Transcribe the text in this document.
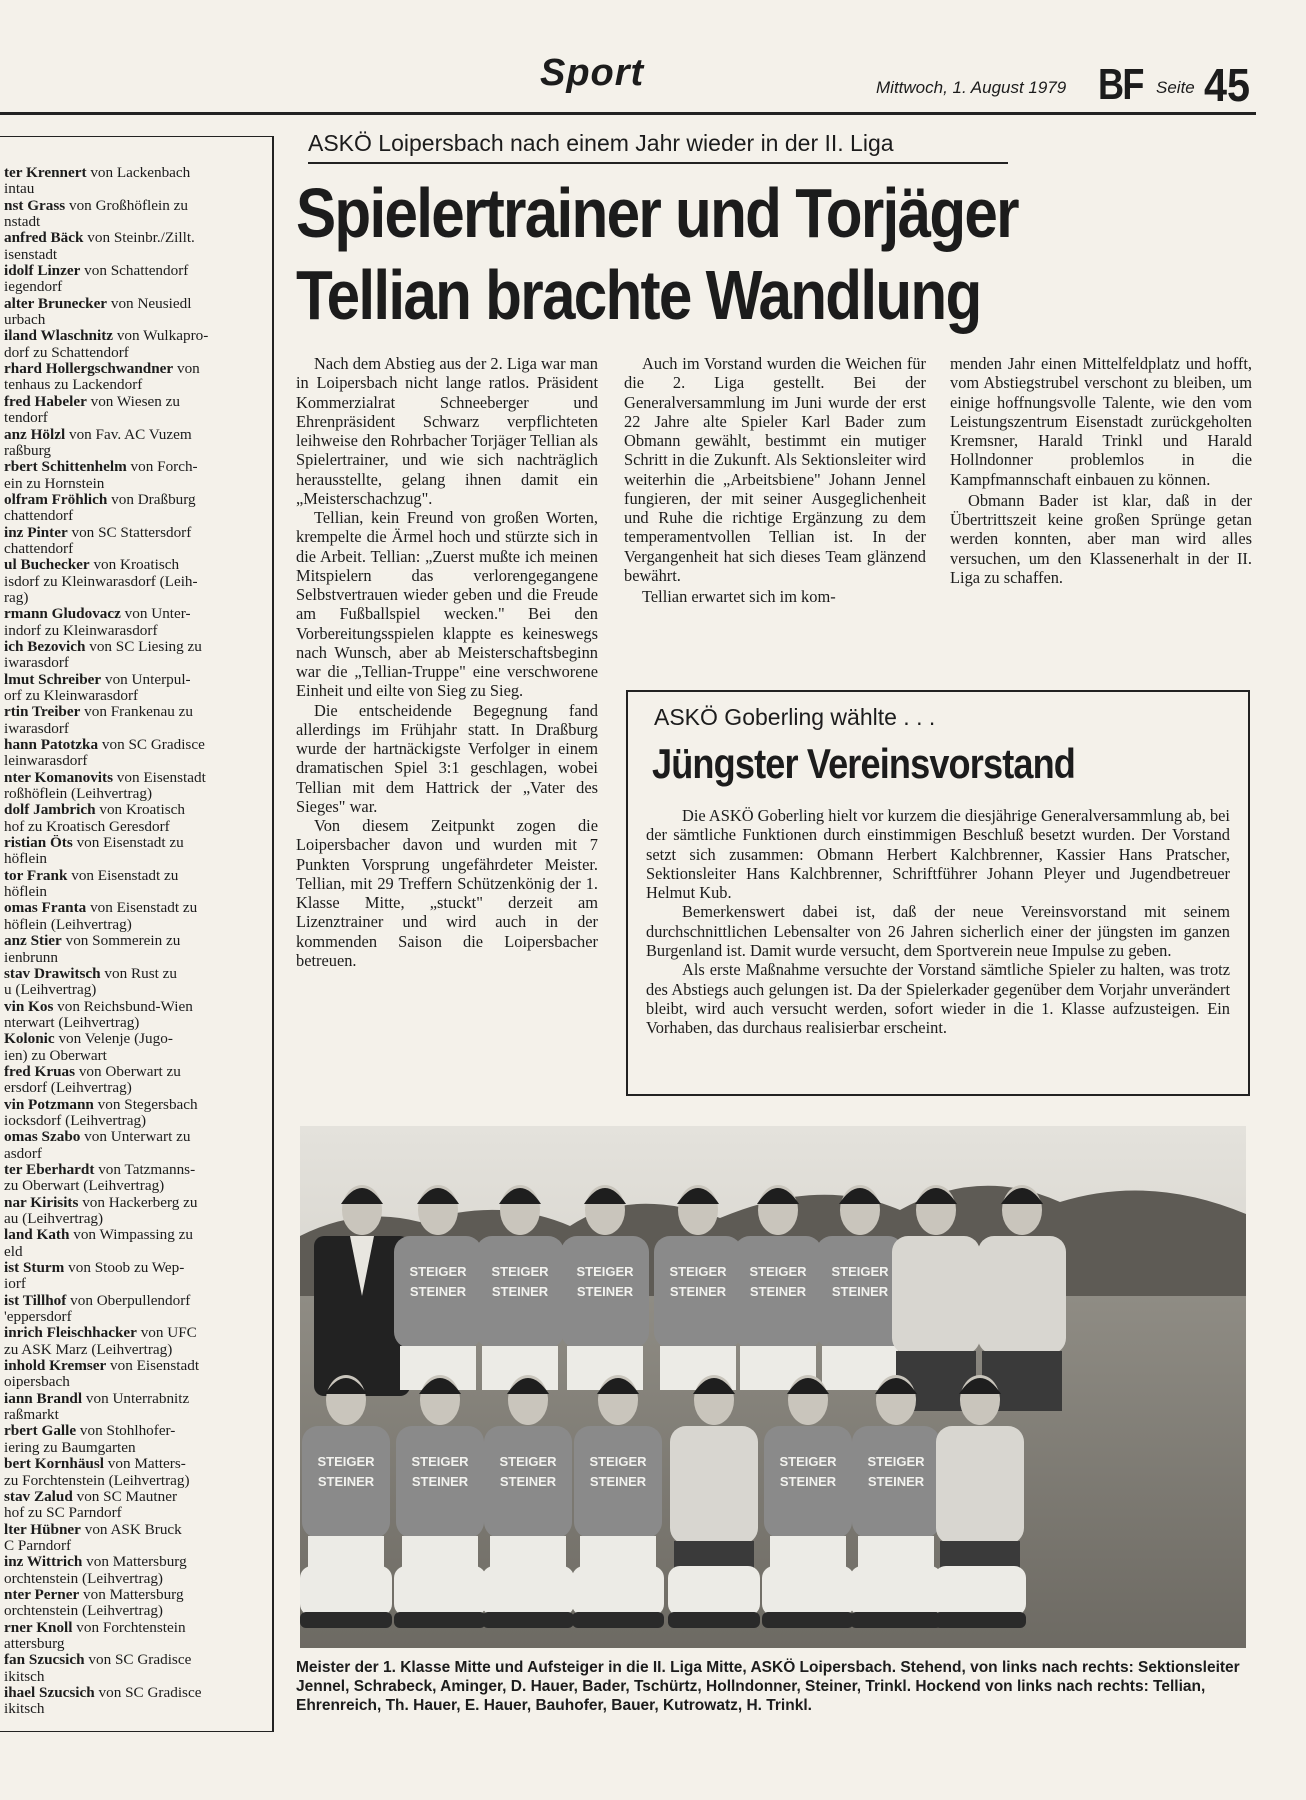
Sport	Mittwoch, 1. August 1979 BF Seite 45
ter Krennert von Lackenbach
intau
nst Grass von Großhöflein zu
nstadt
anfred Bäck von Steinbr./Zillt.
isenstadt
idolf Linzer von Schattendorf
iegendorf
alter Brunecker von Neusiedl
urbach
iland Wlaschnitz von Wulkapro-
dorf zu Schattendorf
rhard Hollergschwandner von
tenhaus zu Lackendorf
fred Habeler von Wiesen zu
tendorf
anz Hölzl von Fav. AC Vuzem
raßburg
rbert Schittenhelm von Forch-
ein zu Hornstein
olfram Fröhlich von Draßburg
chattendorf
inz Pinter von SC Stattersdorf
chattendorf
ul Buchecker von Kroatisch
isdorf zu Kleinwarasdorf (Leih-
rag)
rmann Gludovacz von Unter-
indorf zu Kleinwarasdorf
ich Bezovich von SC Liesing zu
iwarasdorf
lmut Schreiber von Unterpul-
orf zu Kleinwarasdorf
rtin Treiber von Frankenau zu
iwarasdorf
hann Patotzka von SC Gradisce
leinwarasdorf
nter Komanovits von Eisenstadt
roßhöflein (Leihvertrag)
dolf Jambrich von Kroatisch
hof zu Kroatisch Geresdorf
ristian Öts von Eisenstadt zu
höflein
tor Frank von Eisenstadt zu
höflein
omas Franta von Eisenstadt zu
höflein (Leihvertrag)
anz Stier von Sommerein zu
ienbrunn
stav Drawitsch von Rust zu
u (Leihvertrag)
vin Kos von Reichsbund-Wien
nterwart (Leihvertrag)
Kolonic von Velenje (Jugo-
ien) zu Oberwart
fred Kruas von Oberwart zu
ersdorf (Leihvertrag)
vin Potzmann von Stegersbach
iocksdorf (Leihvertrag)
omas Szabo von Unterwart zu
asdorf
ter Eberhardt von Tatzmanns-
zu Oberwart (Leihvertrag)
nar Kirisits von Hackerberg zu
au (Leihvertrag)
land Kath von Wimpassing zu
eld
ist Sturm von Stoob zu Wep-
iorf
ist Tillhof von Oberpullendorf
'eppersdorf
inrich Fleischhacker von UFC
zu ASK Marz (Leihvertrag)
inhold Kremser von Eisenstadt
oipersbach
iann Brandl von Unterrabnitz
raßmarkt
rbert Galle von Stohlhofer-
iering zu Baumgarten
bert Kornhäusl von Matters-
zu Forchtenstein (Leihvertrag)
stav Zalud von SC Mautner
hof zu SC Parndorf
lter Hübner von ASK Bruck
C Parndorf
inz Wittrich von Mattersburg
orchtenstein (Leihvertrag)
nter Perner von Mattersburg
orchtenstein (Leihvertrag)
rner Knoll von Forchtenstein
attersburg
fan Szucsich von SC Gradisce
ikitsch
ihael Szucsich von SC Gradisce
ikitsch
ASKÖ Loipersbach nach einem Jahr wieder in der II. Liga
Spielertrainer und Torjäger
Tellian brachte Wandlung

Nach dem Abstieg aus der 2. Liga war man in Loipersbach nicht lange ratlos. Präsident Kommerzialrat Schneeberger und Ehrenpräsident Schwarz verpflichteten leihweise den Rohrbacher Torjäger Tellian als Spielertrainer, und wie sich nachträglich herausstellte, gelang ihnen damit ein „Meisterschachzug".

Tellian, kein Freund von großen Worten, krempelte die Ärmel hoch und stürzte sich in die Arbeit. Tellian: „Zuerst mußte ich meinen Mitspielern das verlorengegangene Selbstvertrauen wieder geben und die Freude am Fußballspiel wecken." Bei den Vorbereitungsspielen klappte es keineswegs nach Wunsch, aber ab Meisterschaftsbeginn war die „Tellian-Truppe" eine verschworene Einheit und eilte von Sieg zu Sieg.

Die entscheidende Begegnung fand allerdings im Frühjahr statt. In Draßburg wurde der hartnäckigste Verfolger in einem dramatischen Spiel 3:1 geschlagen, wobei Tellian mit dem Hattrick der „Vater des Sieges" war.

Von diesem Zeitpunkt zogen die Loipersbacher davon und wurden mit 7 Punkten Vorsprung ungefährdeter Meister. Tellian, mit 29 Treffern Schützenkönig der 1. Klasse Mitte, „stuckt" derzeit am Lizenztrainer und wird auch in der kommenden Saison die Loipersbacher betreuen.

Auch im Vorstand wurden die Weichen für die 2. Liga gestellt. Bei der Generalversammlung im Juni wurde der erst 22 Jahre alte Spieler Karl Bader zum Obmann gewählt, bestimmt ein mutiger Schritt in die Zukunft. Als Sektionsleiter wird weiterhin die „Arbeitsbiene" Johann Jennel fungieren, der mit seiner Ausgeglichenheit und Ruhe die richtige Ergänzung zu dem temperamentvollen Tellian ist. In der Vergangenheit hat sich dieses Team glänzend bewährt.

Tellian erwartet sich im kom-

menden Jahr einen Mittelfeldplatz und hofft, vom Abstiegstrubel verschont zu bleiben, um einige hoffnungsvolle Talente, wie den vom Leistungszentrum Eisenstadt zurückgeholten Kremsner, Harald Trinkl und Harald Hollndonner problemlos in die Kampfmannschaft einbauen zu können.

Obmann Bader ist klar, daß in der Übertrittszeit keine großen Sprünge getan werden konnten, aber man wird alles versuchen, um den Klassenerhalt in der II. Liga zu schaffen.

ASKÖ Goberling wählte . . .
Jüngster Vereinsvorstand

Die ASKÖ Goberling hielt vor kurzem die diesjährige Generalversammlung ab, bei der sämtliche Funktionen durch einstimmigen Beschluß besetzt wurden. Der Vorstand setzt sich zusammen: Obmann Herbert Kalchbrenner, Kassier Hans Pratscher, Sektionsleiter Hans Kalchbrenner, Schriftführer Johann Pleyer und Jugendbetreuer Helmut Kub.

Bemerkenswert dabei ist, daß der neue Vereinsvorstand mit seinem durchschnittlichen Lebensalter von 26 Jahren sicherlich einer der jüngsten im ganzen Burgenland ist. Damit wurde versucht, dem Sportverein neue Impulse zu geben.

Als erste Maßnahme versuchte der Vorstand sämtliche Spieler zu halten, was trotz des Abstiegs auch gelungen ist. Da der Spielerkader gegenüber dem Vorjahr unverändert bleibt, wird auch versucht werden, sofort wieder in die 1. Klasse aufzusteigen. Ein Vorhaben, das durchaus realisierbar erscheint.

STEIGER
STEINER
STEIGER
STEINER
STEIGER
STEINER
STEIGER
STEINER
STEIGER
STEINER
STEIGER
STEINER
STEIGER
STEINER
STEIGER
STEINER
STEIGER
STEINER
STEIGER
STEINER
STEIGER
STEINER
STEIGER
STEINER
Meister der 1. Klasse Mitte und Aufsteiger in die II. Liga Mitte, ASKÖ Loipersbach. Stehend, von links nach rechts: Sektionsleiter Jennel, Schrabeck, Aminger, D. Hauer, Bader, Tschürtz, Hollndonner, Steiner, Trinkl. Hockend von links nach rechts: Tellian, Ehrenreich, Th. Hauer, E. Hauer, Bauhofer, Bauer, Kutrowatz, H. Trinkl.
